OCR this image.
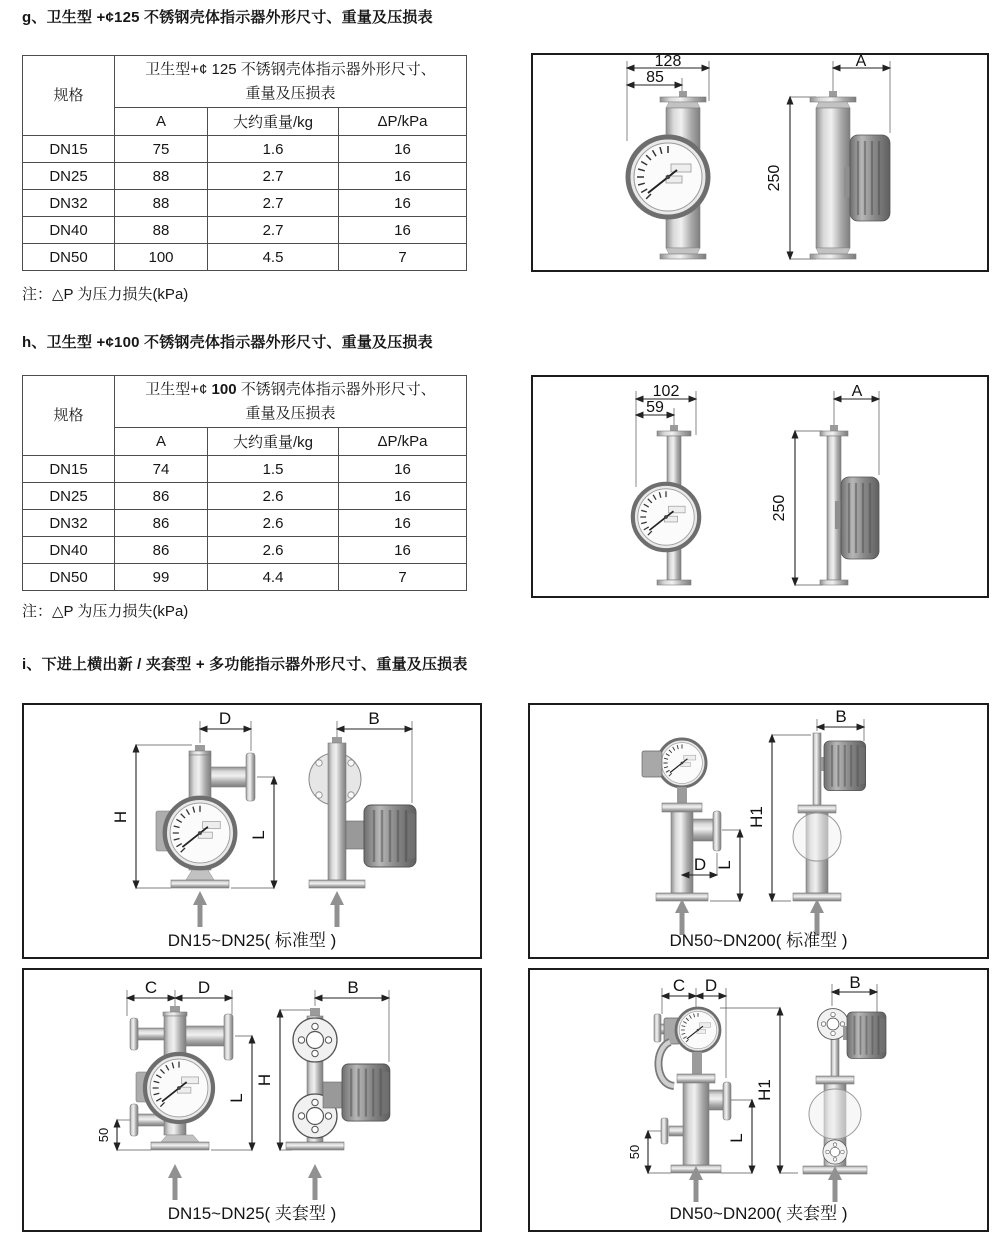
g、卫生型 +¢125 不锈钢壳体指示器外形尺寸、重量及压损表
规格	卫生型+¢ 125 不锈钢壳体指示器外形尺寸、
重量及压损表		
	A	大约重量/kg	ΔP/kPa
DN15	75	1.6	16
DN25	88	2.7	16
DN32	88	2.7	16
DN40	88	2.7	16
DN50	100	4.5	7
注：△P 为压力损失(kPa)
128
85
A
250
h、卫生型 +¢100 不锈钢壳体指示器外形尺寸、重量及压损表
规格	卫生型+¢ 100 不锈钢壳体指示器外形尺寸、
重量及压损表		
	A	大约重量/kg	ΔP/kPa
DN15	74	1.5	16
DN25	86	2.6	16
DN32	86	2.6	16
DN40	86	2.6	16
DN50	99	4.4	7
注：△P 为压力损失(kPa)
102
59
A
250
i、下进上横出新 / 夹套型 + 多功能指示器外形尺寸、重量及压损表
D
H
L
B
DN15~DN25( 标准型 )
D L
H1
B
DN50~DN200( 标准型 )
C D
50
L
H
B
DN15~DN25( 夹套型 )
C D
50
L
H1
B
DN50~DN200( 夹套型 )
